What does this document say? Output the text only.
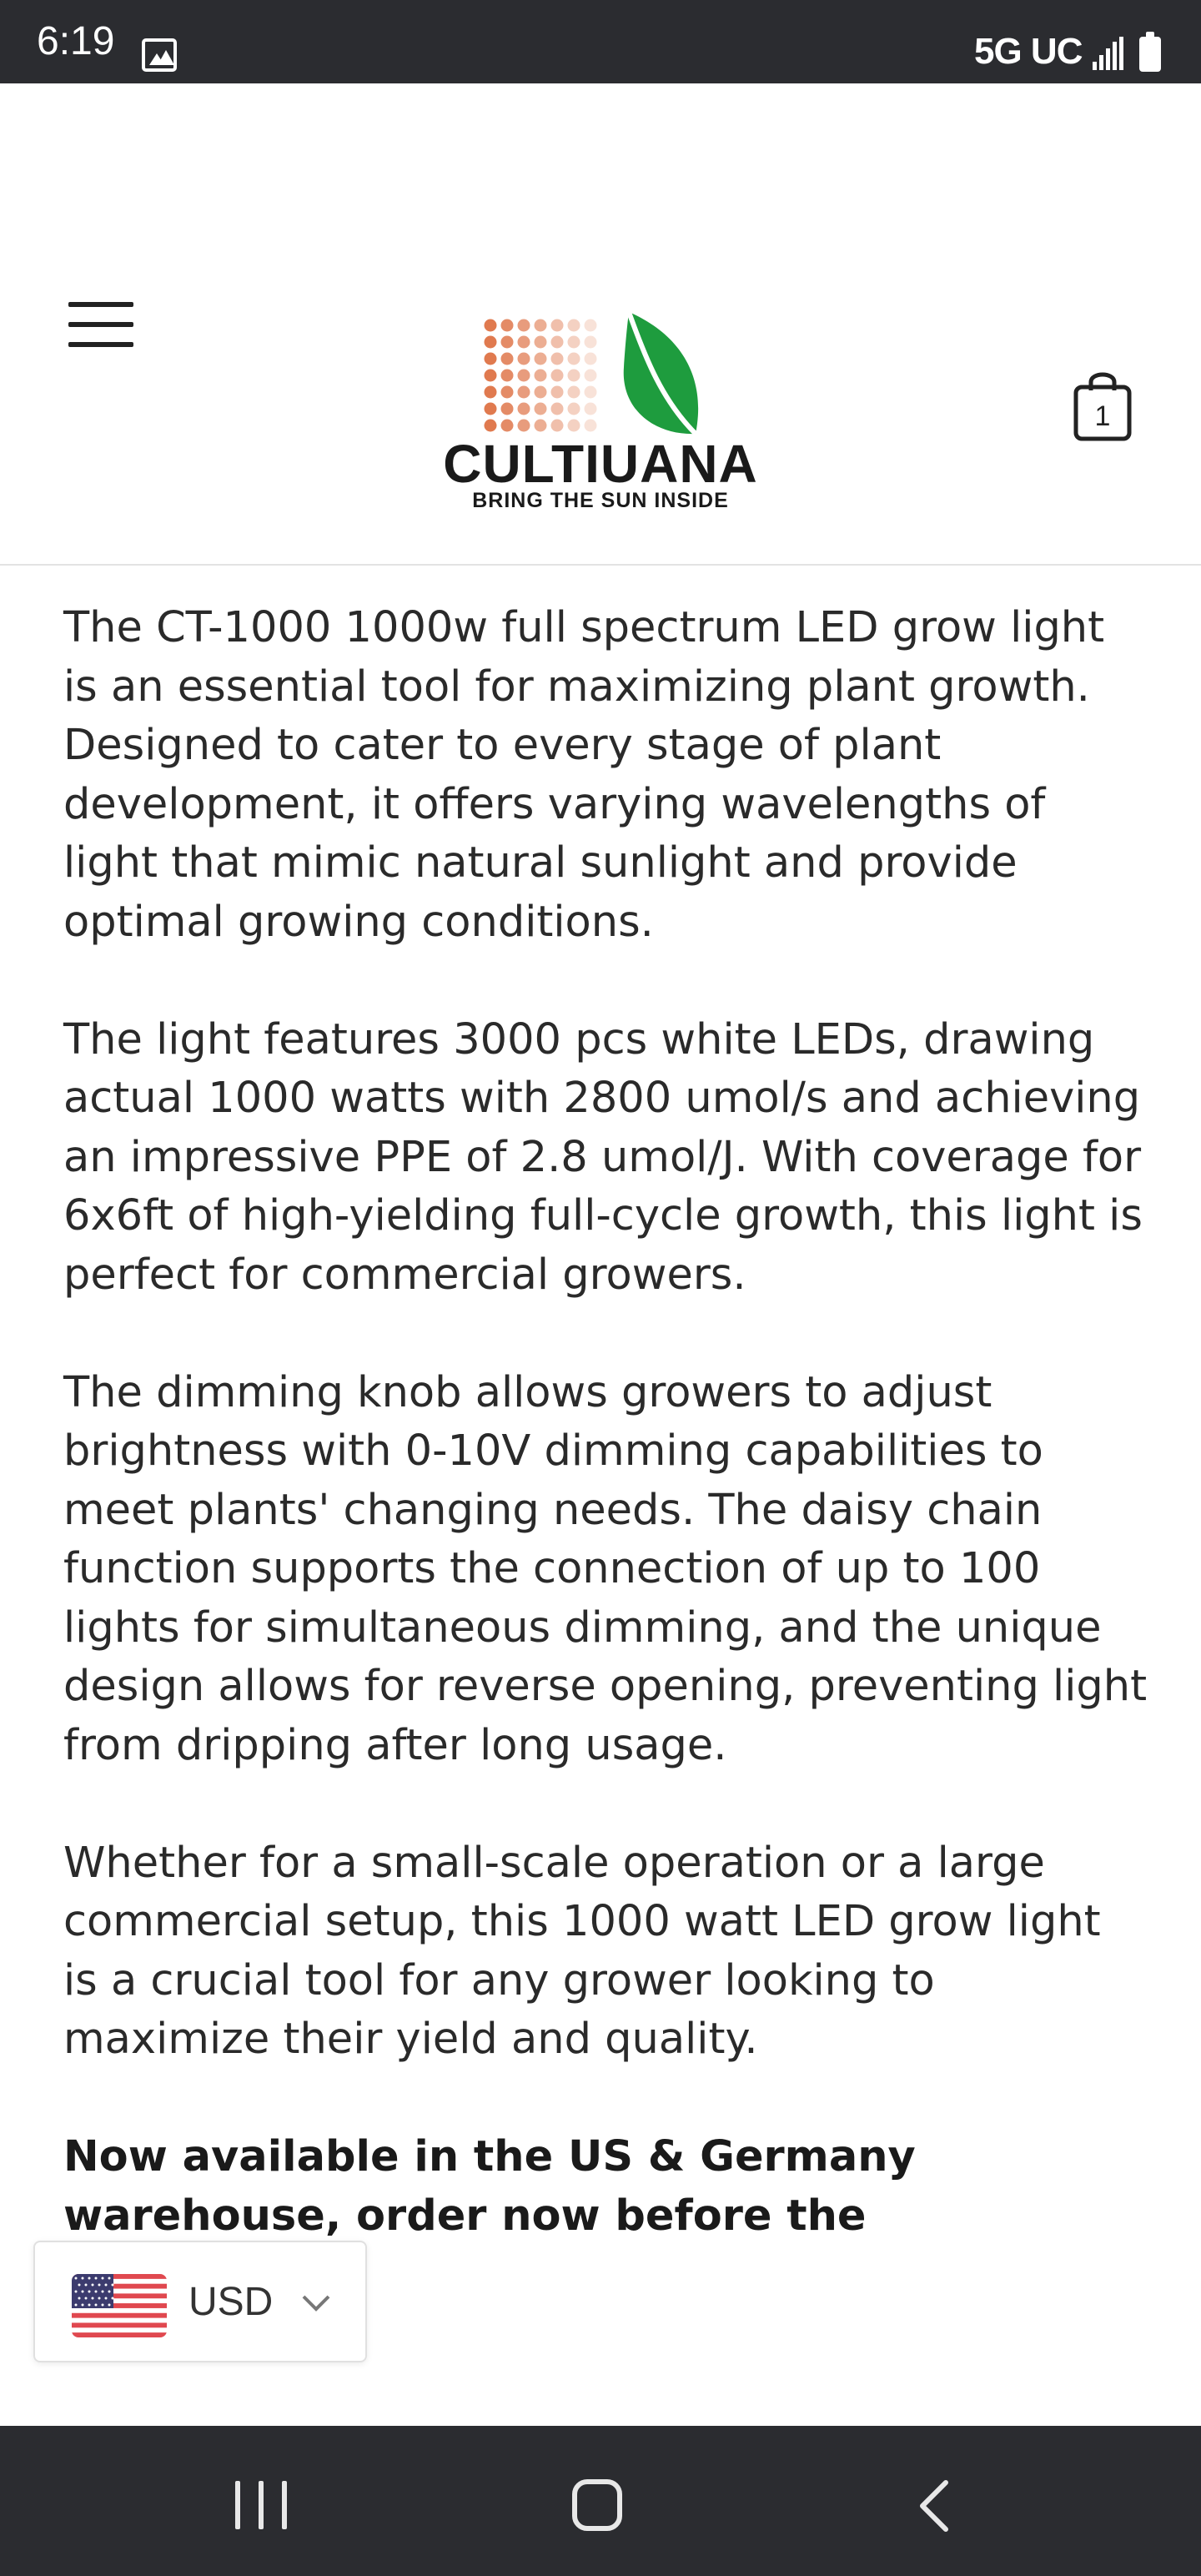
6:19	5G UC
CULTIUANA
BRING THE SUN INSIDE
1

The CT-1000 1000w full spectrum LED grow light is an essential tool for maximizing plant growth. Designed to cater to every stage of plant development, it offers varying wavelengths of light that mimic natural sunlight and provide optimal growing conditions.

The light features 3000 pcs white LEDs, drawing actual 1000 watts with 2800 umol/s and achieving an impressive PPE of 2.8 umol/J. With coverage for 6x6ft of high-yielding full-cycle growth, this light is perfect for commercial growers.

The dimming knob allows growers to adjust brightness with 0-10V dimming capabilities to meet plants' changing needs. The daisy chain function supports the connection of up to 100 lights for simultaneous dimming, and the unique design allows for reverse opening, preventing light from dripping after long usage.

Whether for a small-scale operation or a large commercial setup, this 1000 watt LED grow light is a crucial tool for any grower looking to maximize their yield and quality.

Now available in the US & Germany warehouse, order now before the

USD
